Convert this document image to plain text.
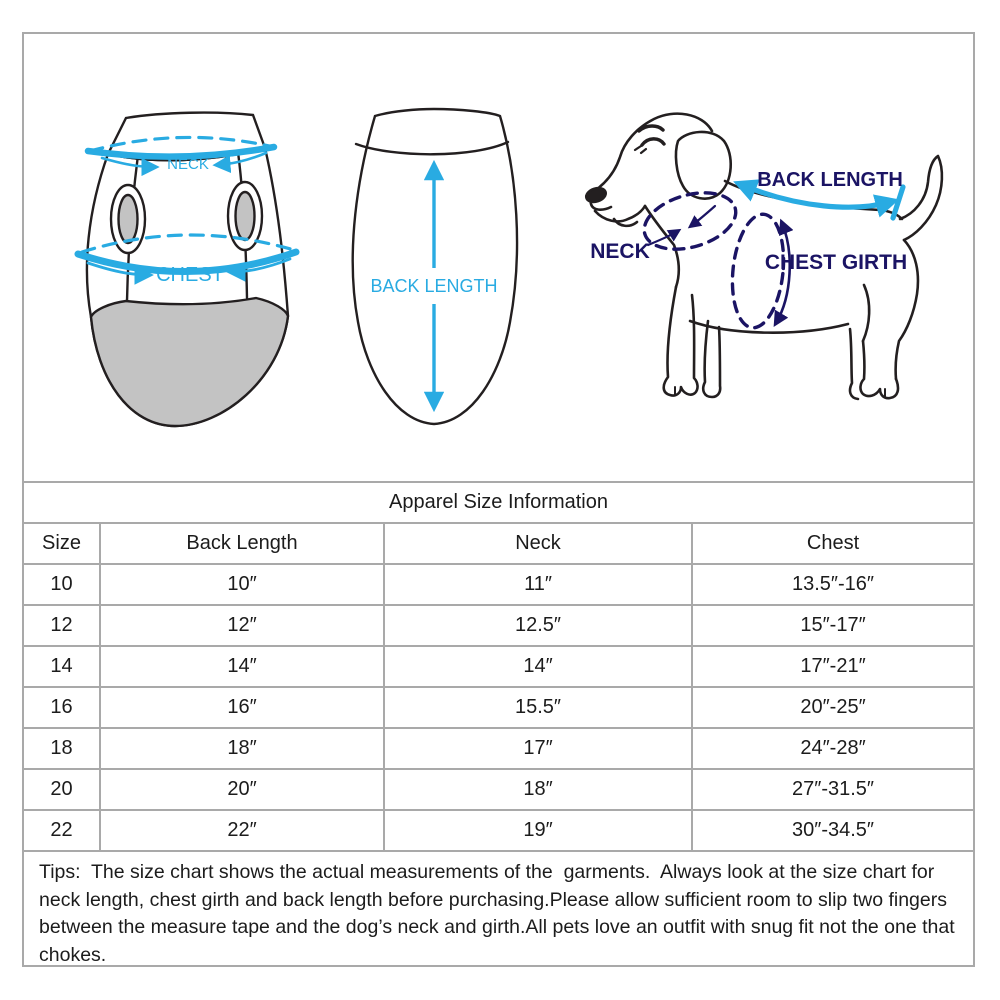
NECK
CHEST	BACK LENGTH
BACK LENGTH
NECK	CHEST GIRTH
Apparel Size Information			
Size	Back Length	Neck	Chest
10	10″	11″	13.5″-16″
12	12″	12.5″	15″-17″
14	14″	14″	17″-21″
16	16″	15.5″	20″-25″
18	18″	17″	24″-28″
20	20″	18″	27″-31.5″
22	22″	19″	30″-34.5″
Tips:  The size chart shows the actual measurements of the  garments.  Always look at the size chart for neck length, chest girth and back length before purchasing.Please allow sufficient room to slip two fingers between the measure tape and the dog’s neck and girth.All pets love an outfit with snug fit not the one that chokes.
